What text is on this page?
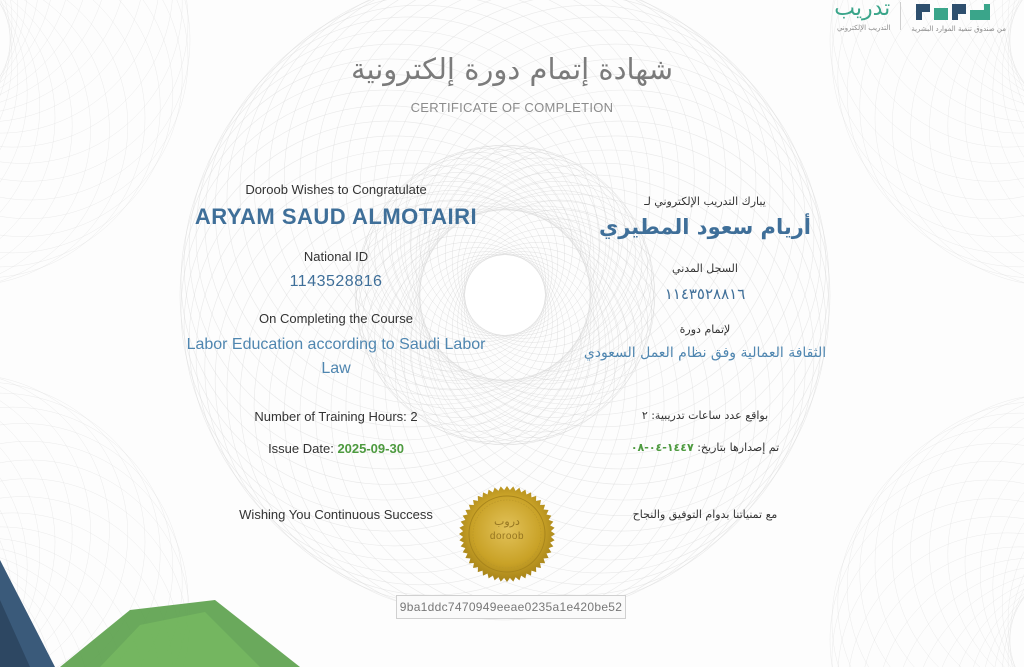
تدريب
التدريب الإلكتروني	من صندوق تنمية الموارد البشرية
شهادة إتمام دورة إلكترونية
CERTIFICATE OF COMPLETION
Doroob Wishes to Congratulate
ARYAM SAUD ALMOTAIRI
National ID
1143528816
On Completing the Course
Labor Education according to Saudi Labor
Law
Number of Training Hours: 2
Issue Date: 2025-09-30
Wishing You Continuous Success
يبارك التدريب الإلكتروني لـ
أريام سعود المطيري
السجل المدني
١١٤٣٥٢٨٨١٦
لإتمام دورة
الثقافة العمالية وفق نظام العمل السعودي
بواقع عدد ساعات تدريبية: ٢
تم إصدارها بتاريخ: ١٤٤٧-٠٤-٠٨
مع تمنياتنا بدوام التوفيق والنجاح
دروب
doroob
9ba1ddc7470949eeae0235a1e420be52
